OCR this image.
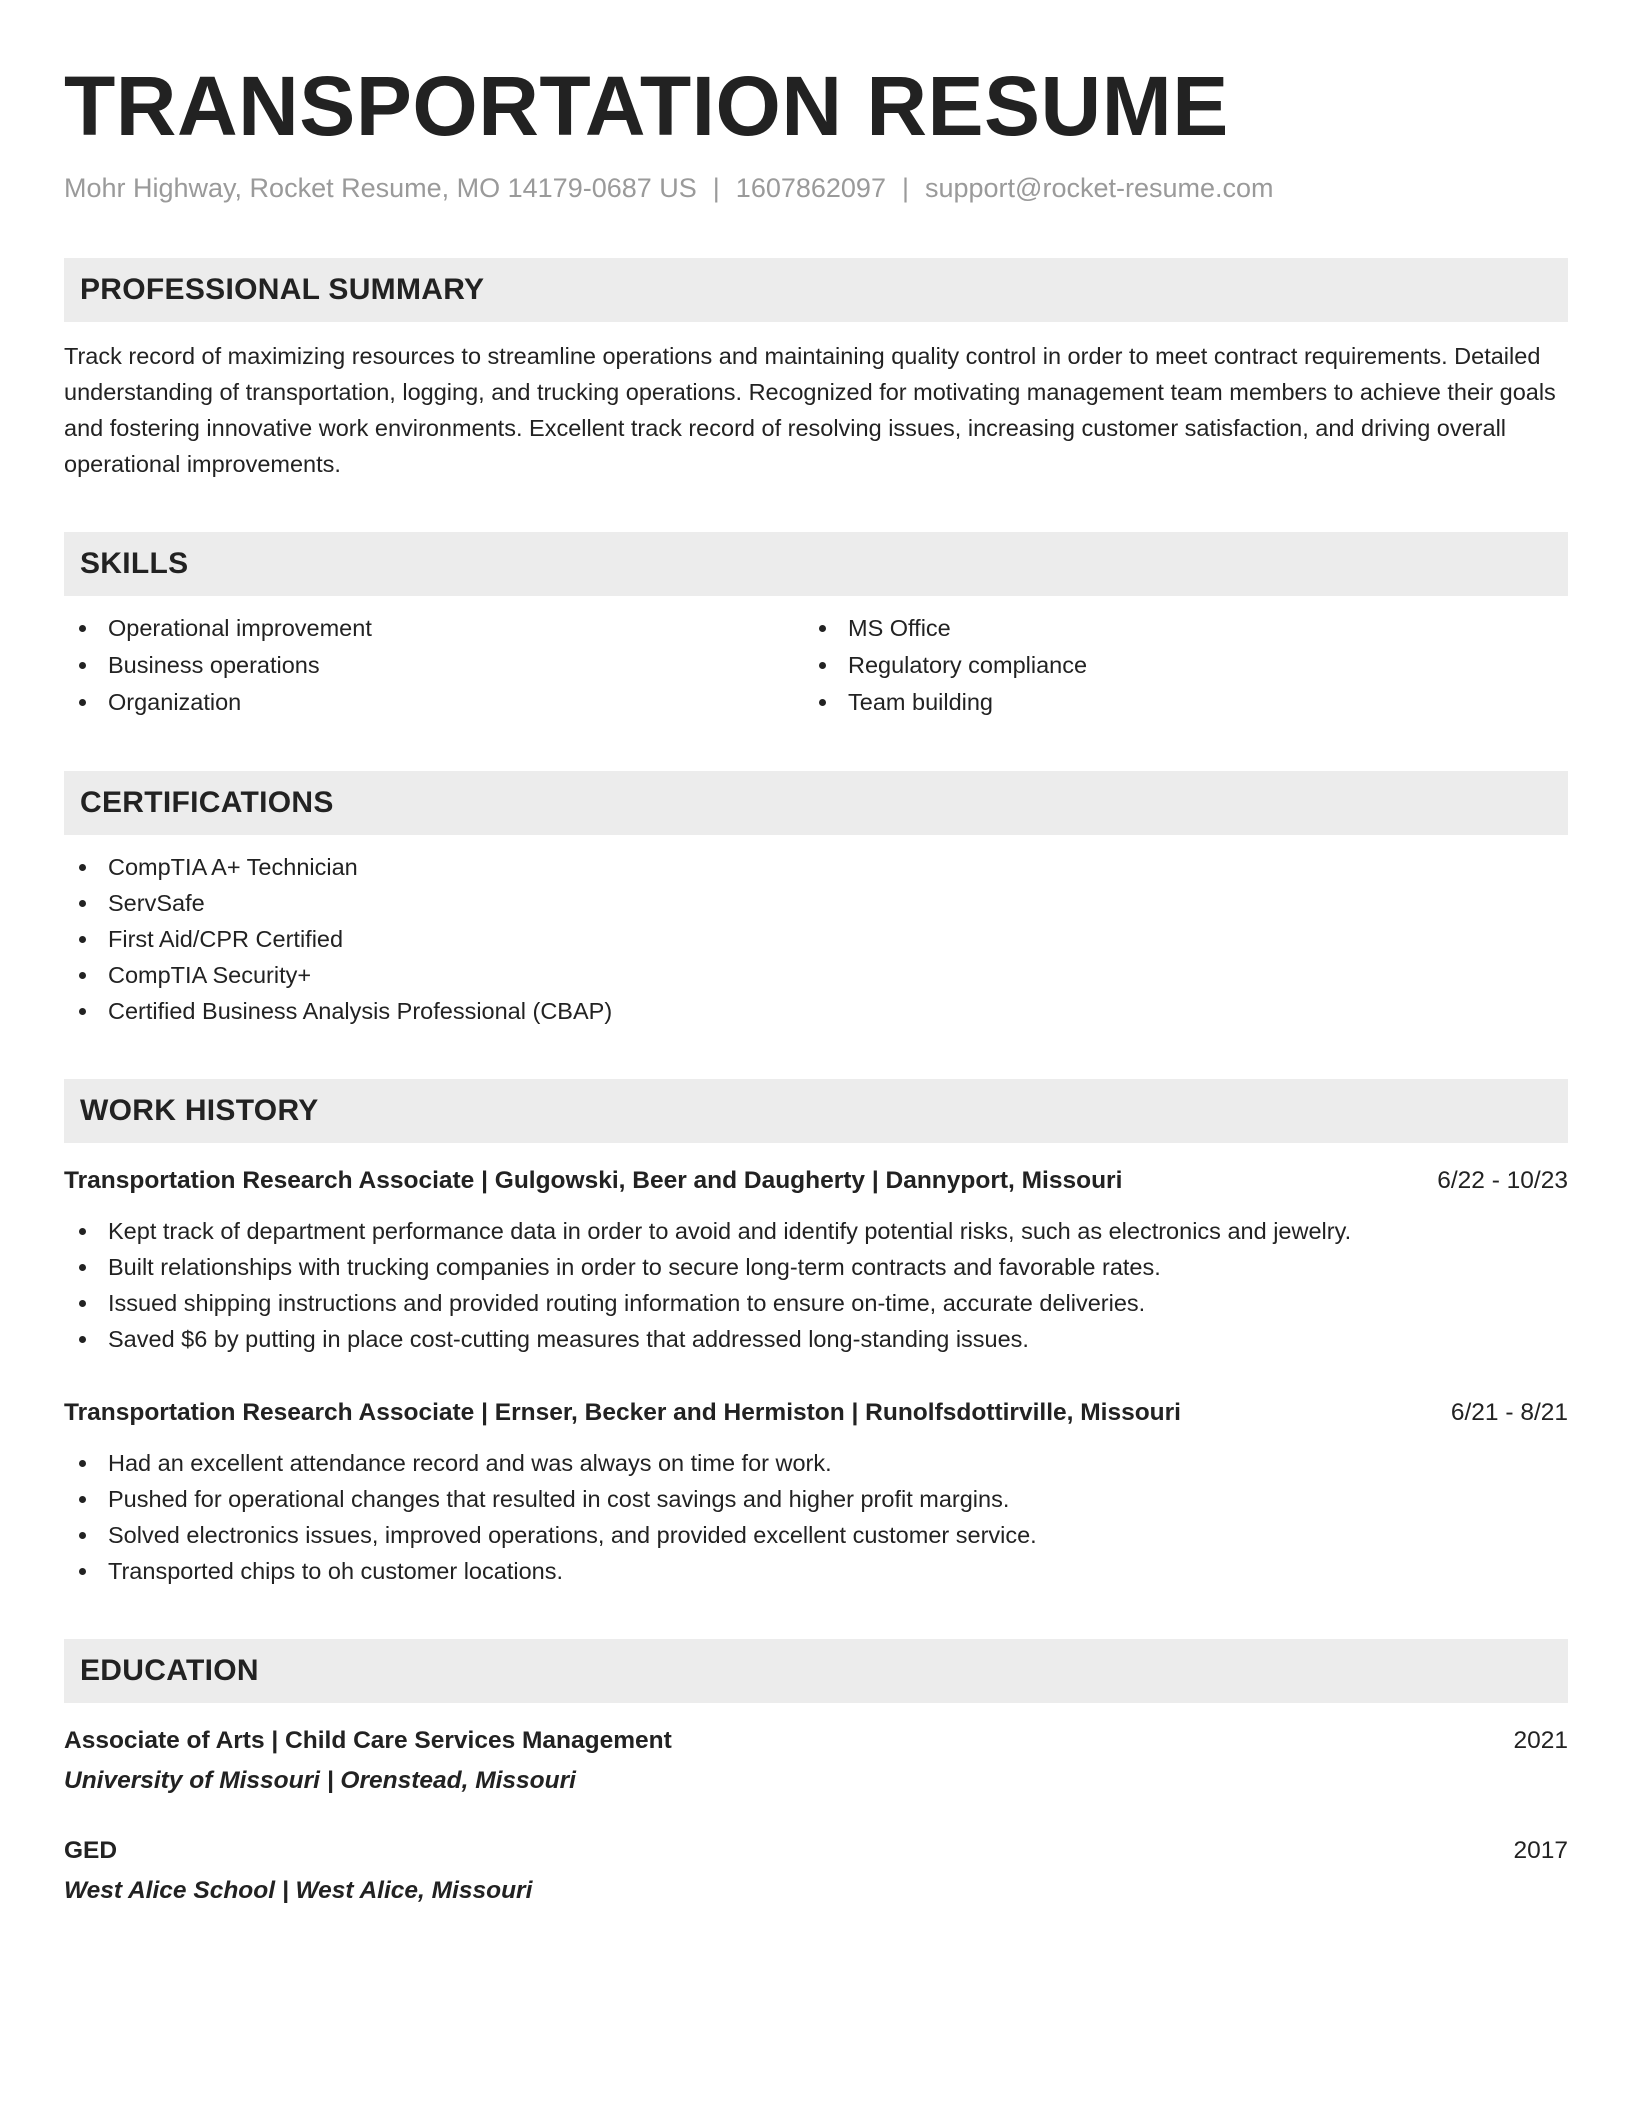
TRANSPORTATION RESUME
Mohr Highway, Rocket Resume, MO 14179-0687 US | 1607862097 | support@rocket-resume.com
PROFESSIONAL SUMMARY

Track record of maximizing resources to streamline operations and maintaining quality control in order to meet contract requirements. Detailed understanding of transportation, logging, and trucking operations. Recognized for motivating management team members to achieve their goals and fostering innovative work environments. Excellent track record of resolving issues, increasing customer satisfaction, and driving overall operational improvements.

SKILLS
Operational improvement
Business operations
Organization
MS Office
Regulatory compliance
Team building
CERTIFICATIONS
CompTIA A+ Technician
ServSafe
First Aid/CPR Certified
CompTIA Security+
Certified Business Analysis Professional (CBAP)
WORK HISTORY
Transportation Research Associate | Gulgowski, Beer and Daugherty | Dannyport, Missouri	6/22 - 10/23
Kept track of department performance data in order to avoid and identify potential risks, such as electronics and jewelry.
Built relationships with trucking companies in order to secure long-term contracts and favorable rates.
Issued shipping instructions and provided routing information to ensure on-time, accurate deliveries.
Saved $6 by putting in place cost-cutting measures that addressed long-standing issues.
Transportation Research Associate | Ernser, Becker and Hermiston | Runolfsdottirville, Missouri	6/21 - 8/21
Had an excellent attendance record and was always on time for work.
Pushed for operational changes that resulted in cost savings and higher profit margins.
Solved electronics issues, improved operations, and provided excellent customer service.
Transported chips to oh customer locations.
EDUCATION
Associate of Arts | Child Care Services Management	2021
University of Missouri | Orenstead, Missouri
GED	2017
West Alice School | West Alice, Missouri
